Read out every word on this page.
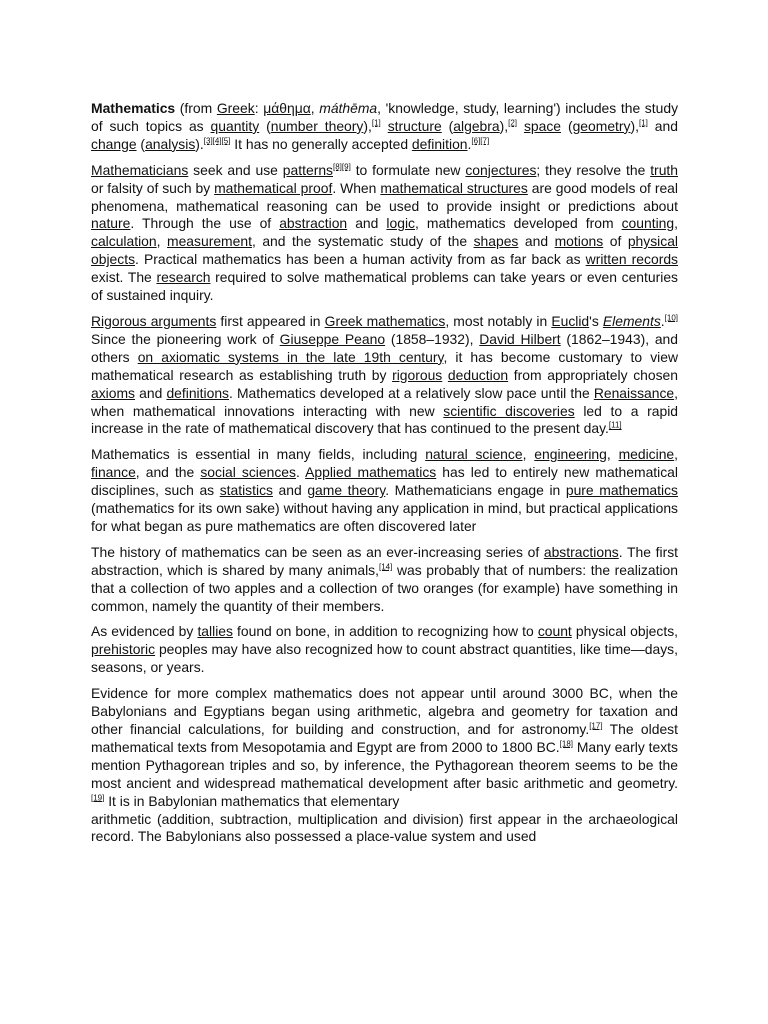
Mathematics (from Greek: μάθημα, máthēma, 'knowledge, study, learning') includes the study of such topics as quantity (number theory),[1] structure (algebra),[2] space (geometry),[1] and change (analysis).[3][4][5] It has no generally accepted definition.[6][7]

Mathematicians seek and use patterns[8][9] to formulate new conjectures; they resolve the truth or falsity of such by mathematical proof. When mathematical structures are good models of real phenomena, mathematical reasoning can be used to provide insight or predictions about nature. Through the use of abstraction and logic, mathematics developed from counting, calculation, measurement, and the systematic study of the shapes and motions of physical objects. Practical mathematics has been a human activity from as far back as written records exist. The research required to solve mathematical problems can take years or even centuries of sustained inquiry.

Rigorous arguments first appeared in Greek mathematics, most notably in Euclid's Elements.[10] Since the pioneering work of Giuseppe Peano (1858–1932), David Hilbert (1862–1943), and others on axiomatic systems in the late 19th century, it has become customary to view mathematical research as establishing truth by rigorous deduction from appropriately chosen axioms and definitions. Mathematics developed at a relatively slow pace until the Renaissance, when mathematical innovations interacting with new scientific discoveries led to a rapid increase in the rate of mathematical discovery that has continued to the present day.[11]

Mathematics is essential in many fields, including natural science, engineering, medicine, finance, and the social sciences. Applied mathematics has led to entirely new mathematical disciplines, such as statistics and game theory. Mathematicians engage in pure mathematics (mathematics for its own sake) without having any application in mind, but practical applications for what began as pure mathematics are often discovered later

The history of mathematics can be seen as an ever-increasing series of abstractions. The first abstraction, which is shared by many animals,[14] was probably that of numbers: the realization that a collection of two apples and a collection of two oranges (for example) have something in common, namely the quantity of their members.

As evidenced by tallies found on bone, in addition to recognizing how to count physical objects, prehistoric peoples may have also recognized how to count abstract quantities, like time—days, seasons, or years.

Evidence for more complex mathematics does not appear until around 3000 BC, when the Babylonians and Egyptians began using arithmetic, algebra and geometry for taxation and other financial calculations, for building and construction, and for astronomy.[17] The oldest mathematical texts from Mesopotamia and Egypt are from 2000 to 1800 BC.[18] Many early texts mention Pythagorean triples and so, by inference, the Pythagorean theorem seems to be the most ancient and widespread mathematical development after basic arithmetic and geometry.[19] It is in Babylonian mathematics that elementary
arithmetic (addition, subtraction, multiplication and division) first appear in the archaeological record. The Babylonians also possessed a place-value system and used
